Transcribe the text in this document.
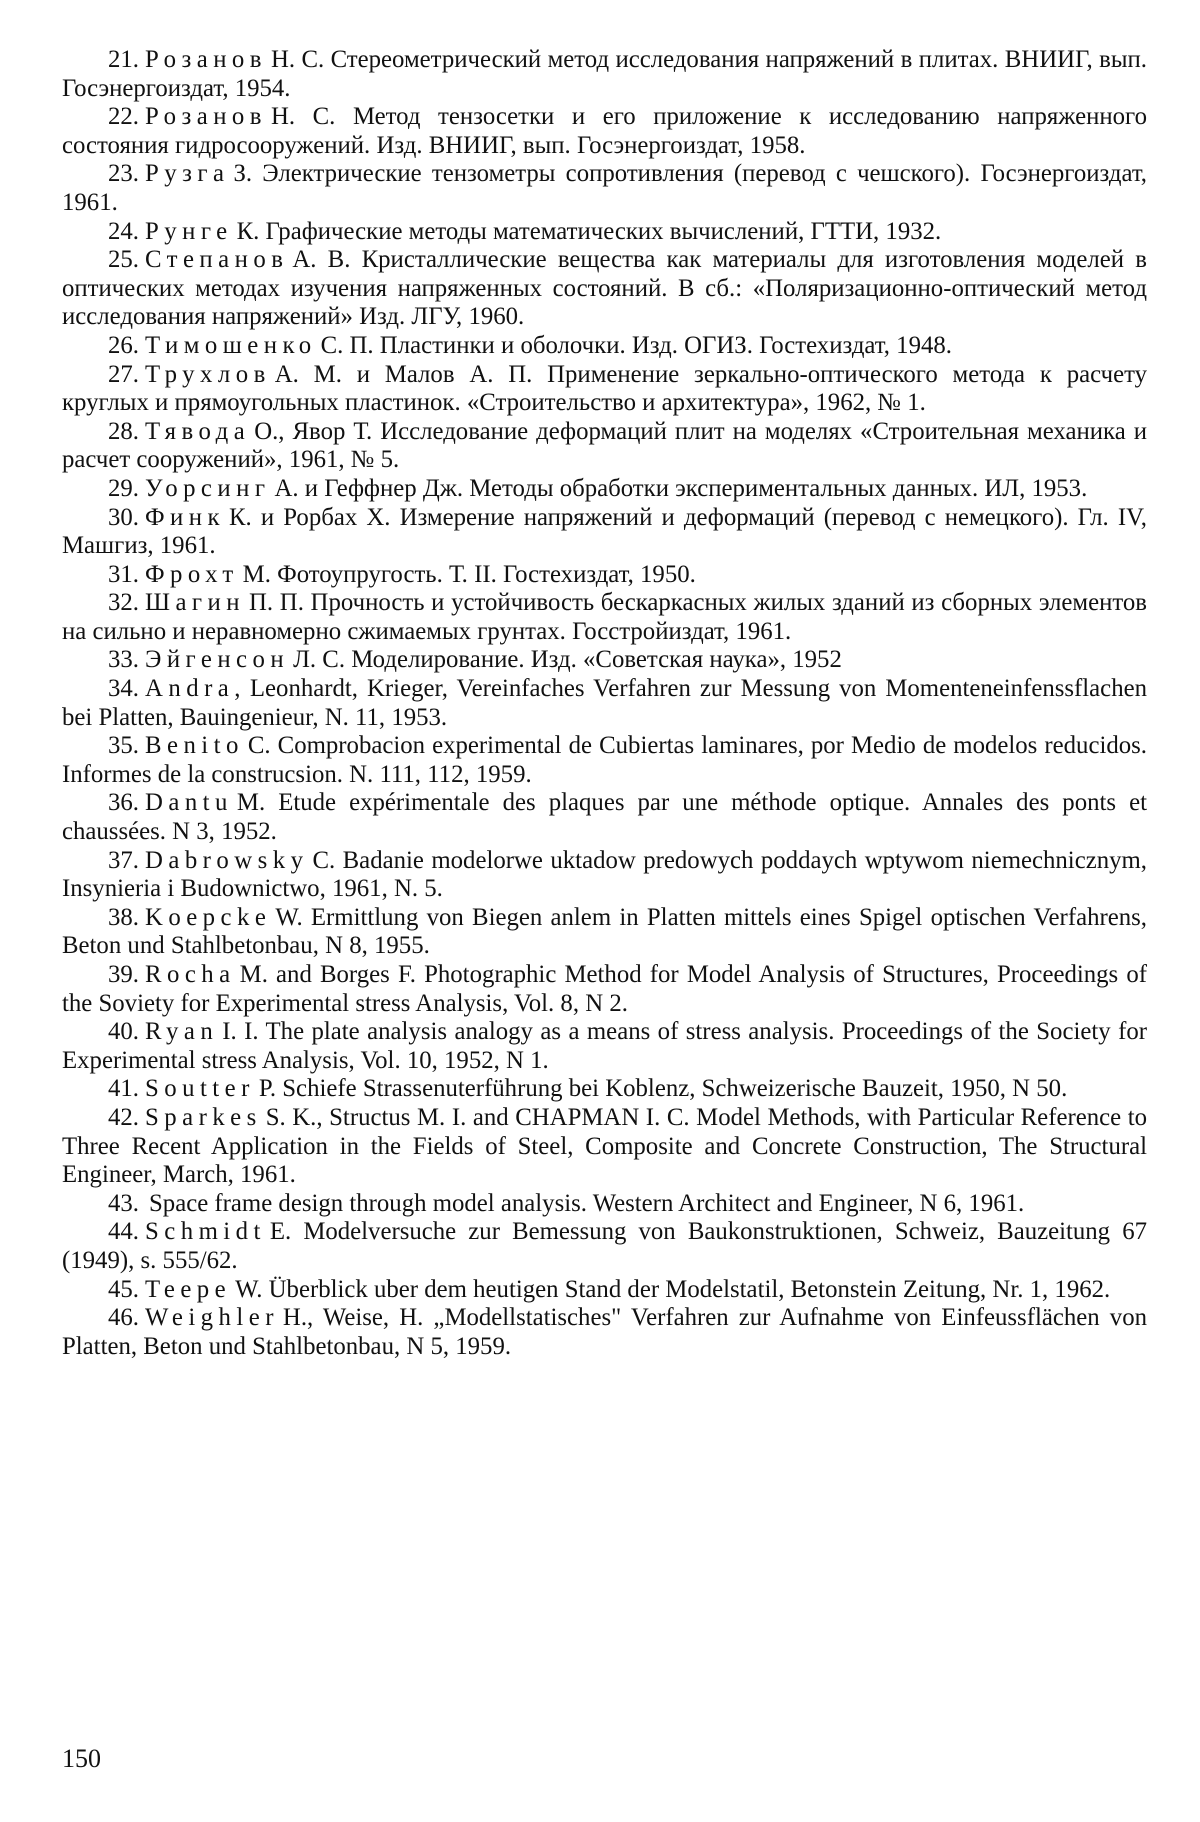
21. Розанов Н. С. Стереометрический метод исследования напряжений в плитах. ВНИИГ, вып. Госэнергоиздат, 1954.

22. Розанов Н. С. Метод тензосетки и его приложение к исследованию напряженного состояния гидросооружений. Изд. ВНИИГ, вып. Госэнергоиздат, 1958.

23. Рузга З. Электрические тензометры сопротивления (перевод с чешского). Госэнергоиздат, 1961.

24. Рунге К. Графические методы математических вычислений, ГТТИ, 1932.

25. Степанов А. В. Кристаллические вещества как материалы для изготовления моделей в оптических методах изучения напряженных состояний. В сб.: «Поляризационно-оптический метод исследования напряжений» Изд. ЛГУ, 1960.

26. Тимошенко С. П. Пластинки и оболочки. Изд. ОГИЗ. Гостехиздат, 1948.

27. Трухлов А. М. и Малов А. П. Применение зеркально-оптического метода к расчету круглых и прямоугольных пластинок. «Строительство и архитектура», 1962, № 1.

28. Тявода О., Явор Т. Исследование деформаций плит на моделях «Строительная механика и расчет сооружений», 1961, № 5.

29. Уорсинг А. и Геффнер Дж. Методы обработки экспериментальных данных. ИЛ, 1953.

30. Финк К. и Рорбах Х. Измерение напряжений и деформаций (перевод с немецкого). Гл. IV, Машгиз, 1961.

31. Фрохт М. Фотоупругость. Т. II. Гостехиздат, 1950.

32. Шагин П. П. Прочность и устойчивость бескаркасных жилых зданий из сборных элементов на сильно и неравномерно сжимаемых грунтах. Госстройиздат, 1961.

33. Эйгенсон Л. С. Моделирование. Изд. «Советская наука», 1952

34. Andra, Leonhardt, Krieger, Vereinfaches Verfahren zur Messung von Momenteneinfenssflachen bei Platten, Bauingenieur, N. 11, 1953.

35. Benito C. Comprobacion experimental de Cubiertas laminares, por Medio de modelos reducidos. Informes de la construcsion. N. 111, 112, 1959.

36. Dantu M. Etude expérimentale des plaques par une méthode optique. Annales des ponts et chaussées. N 3, 1952.

37. Dabrowsky C. Badanie modelorwe uktadow predowych poddaych wptywom niemechnicznym, Insynieria i Budownictwo, 1961, N. 5.

38. Koepcke W. Ermittlung von Biegen anlem in Platten mittels eines Spigel optischen Verfahrens, Beton und Stahlbetonbau, N 8, 1955.

39. Rocha M. and Borges F. Photographic Method for Model Analysis of Structures, Proceedings of the Soviety for Experimental stress Analysis, Vol. 8, N 2.

40. Ryan I. I. The plate analysis analogy as a means of stress analysis. Proceedings of the Society for Experimental stress Analysis, Vol. 10, 1952, N 1.

41. Soutter P. Schiefe Strassenuterführung bei Koblenz, Schweizerische Bauzeit, 1950, N 50.

42. Sparkes S. K., Structus M. I. and CHAPMAN I. C. Model Methods, with Particular Reference to Three Recent Application in the Fields of Steel, Composite and Concrete Construction, The Structural Engineer, March, 1961.

43. Space frame design through model analysis. Western Architect and Engineer, N 6, 1961.

44. Schmidt E. Modelversuche zur Bemessung von Baukonstruktionen, Schweiz, Bauzeitung 67 (1949), s. 555/62.

45. Teepe W. Überblick uber dem heutigen Stand der Modelstatil, Betonstein Zeitung, Nr. 1, 1962.

46. Weighler H., Weise, H. „Modellstatisches" Verfahren zur Aufnahme von Einfeussflächen von Platten, Beton und Stahlbetonbau, N 5, 1959.

150
